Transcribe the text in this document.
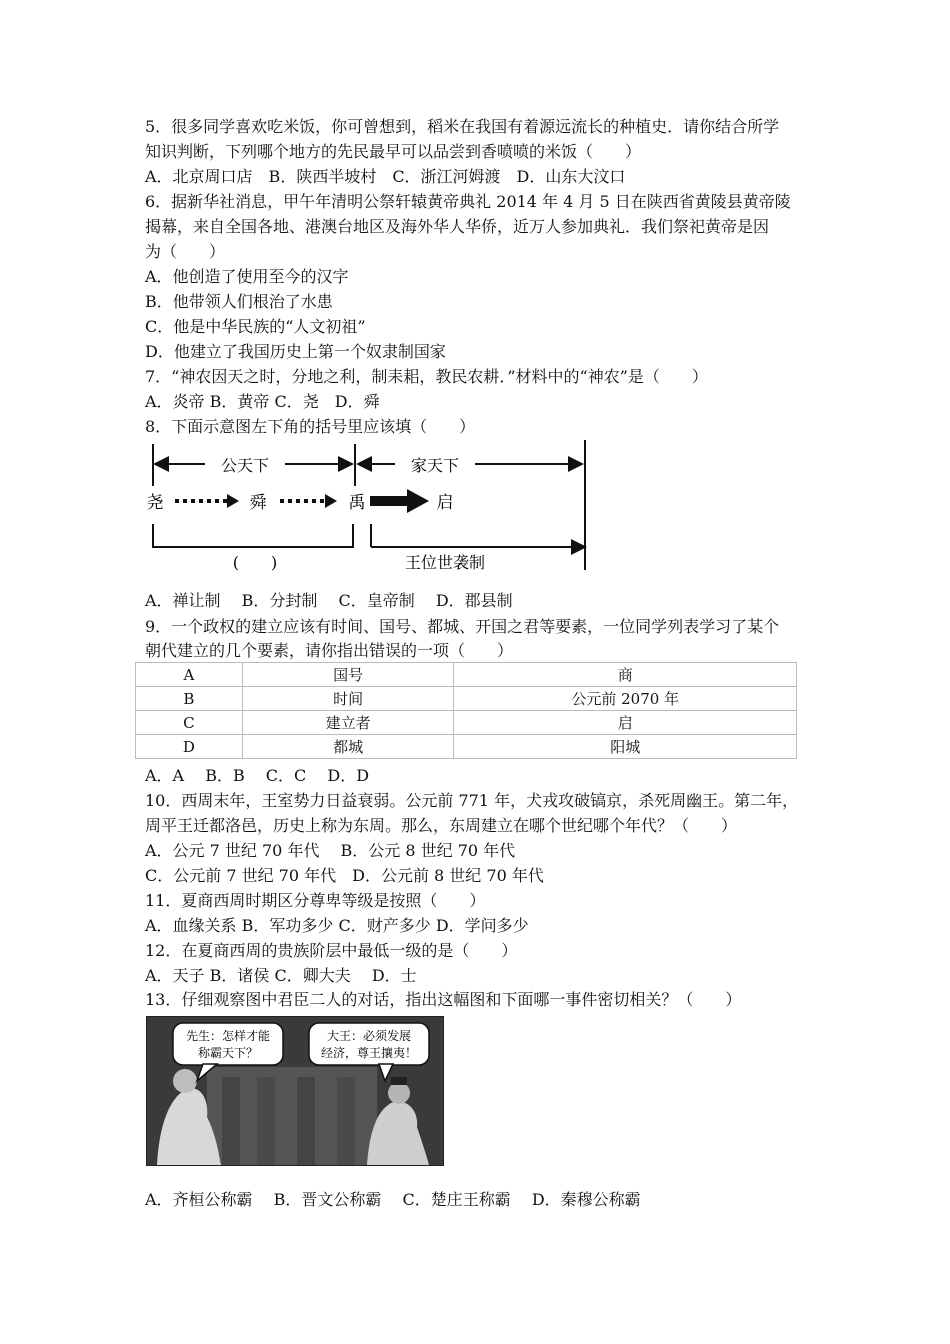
5．很多同学喜欢吃米饭，你可曾想到，稻米在我国有着源远流长的种植史．请你结合所学
知识判断，下列哪个地方的先民最早可以品尝到香喷喷的米饭（　　）
A．北京周口店　B．陕西半坡村　C．浙江河姆渡　D．山东大汶口
6．据新华社消息，甲午年清明公祭轩辕黄帝典礼 2014 年 4 月 5 日在陕西省黄陵县黄帝陵
揭幕，来自全国各地、港澳台地区及海外华人华侨，近万人参加典礼．我们祭祀黄帝是因
为（　　）
A．他创造了使用至今的汉字
B．他带领人们根治了水患
C．他是中华民族的“人文初祖”
D．他建立了我国历史上第一个奴隶制国家
7．“神农因天之时，分地之利，制耒耜，教民农耕．”材料中的“神农”是（　　）
A．炎帝 B．黄帝 C．尧　D．舜
8．下面示意图左下角的括号里应该填（　　）
公天下	家天下
尧	舜	禹	启
(　　)	王位世袭制
A．禅让制　 B．分封制　 C．皇帝制　 D．郡县制
9．一个政权的建立应该有时间、国号、都城、开国之君等要素，一位同学列表学习了某个
朝代建立的几个要素，请你指出错误的一项（　　）
A	国号	商
B	时间	公元前 2070 年
C	建立者	启
D	都城	阳城
A．A　 B．B　 C．C　 D．D
10．西周末年，王室势力日益衰弱。公元前 771 年，犬戎攻破镐京，杀死周幽王。第二年，
周平王迁都洛邑，历史上称为东周。那么，东周建立在哪个世纪哪个年代？（　　）
A．公元 7 世纪 70 年代　 B．公元 8 世纪 70 年代
C．公元前 7 世纪 70 年代　D．公元前 8 世纪 70 年代
11．夏商西周时期区分尊卑等级是按照（　　）
A．血缘关系 B．军功多少 C．财产多少 D．学问多少
12．在夏商西周的贵族阶层中最低一级的是（　　）
A．天子 B．诸侯 C．卿大夫　 D．士
13．仔细观察图中君臣二人的对话，指出这幅图和下面哪一事件密切相关？（　　）
先生：怎样才能
称霸天下？
大王：必须发展
经济，尊王攘夷！
A．齐桓公称霸　 B．晋文公称霸　 C．楚庄王称霸　 D．秦穆公称霸
